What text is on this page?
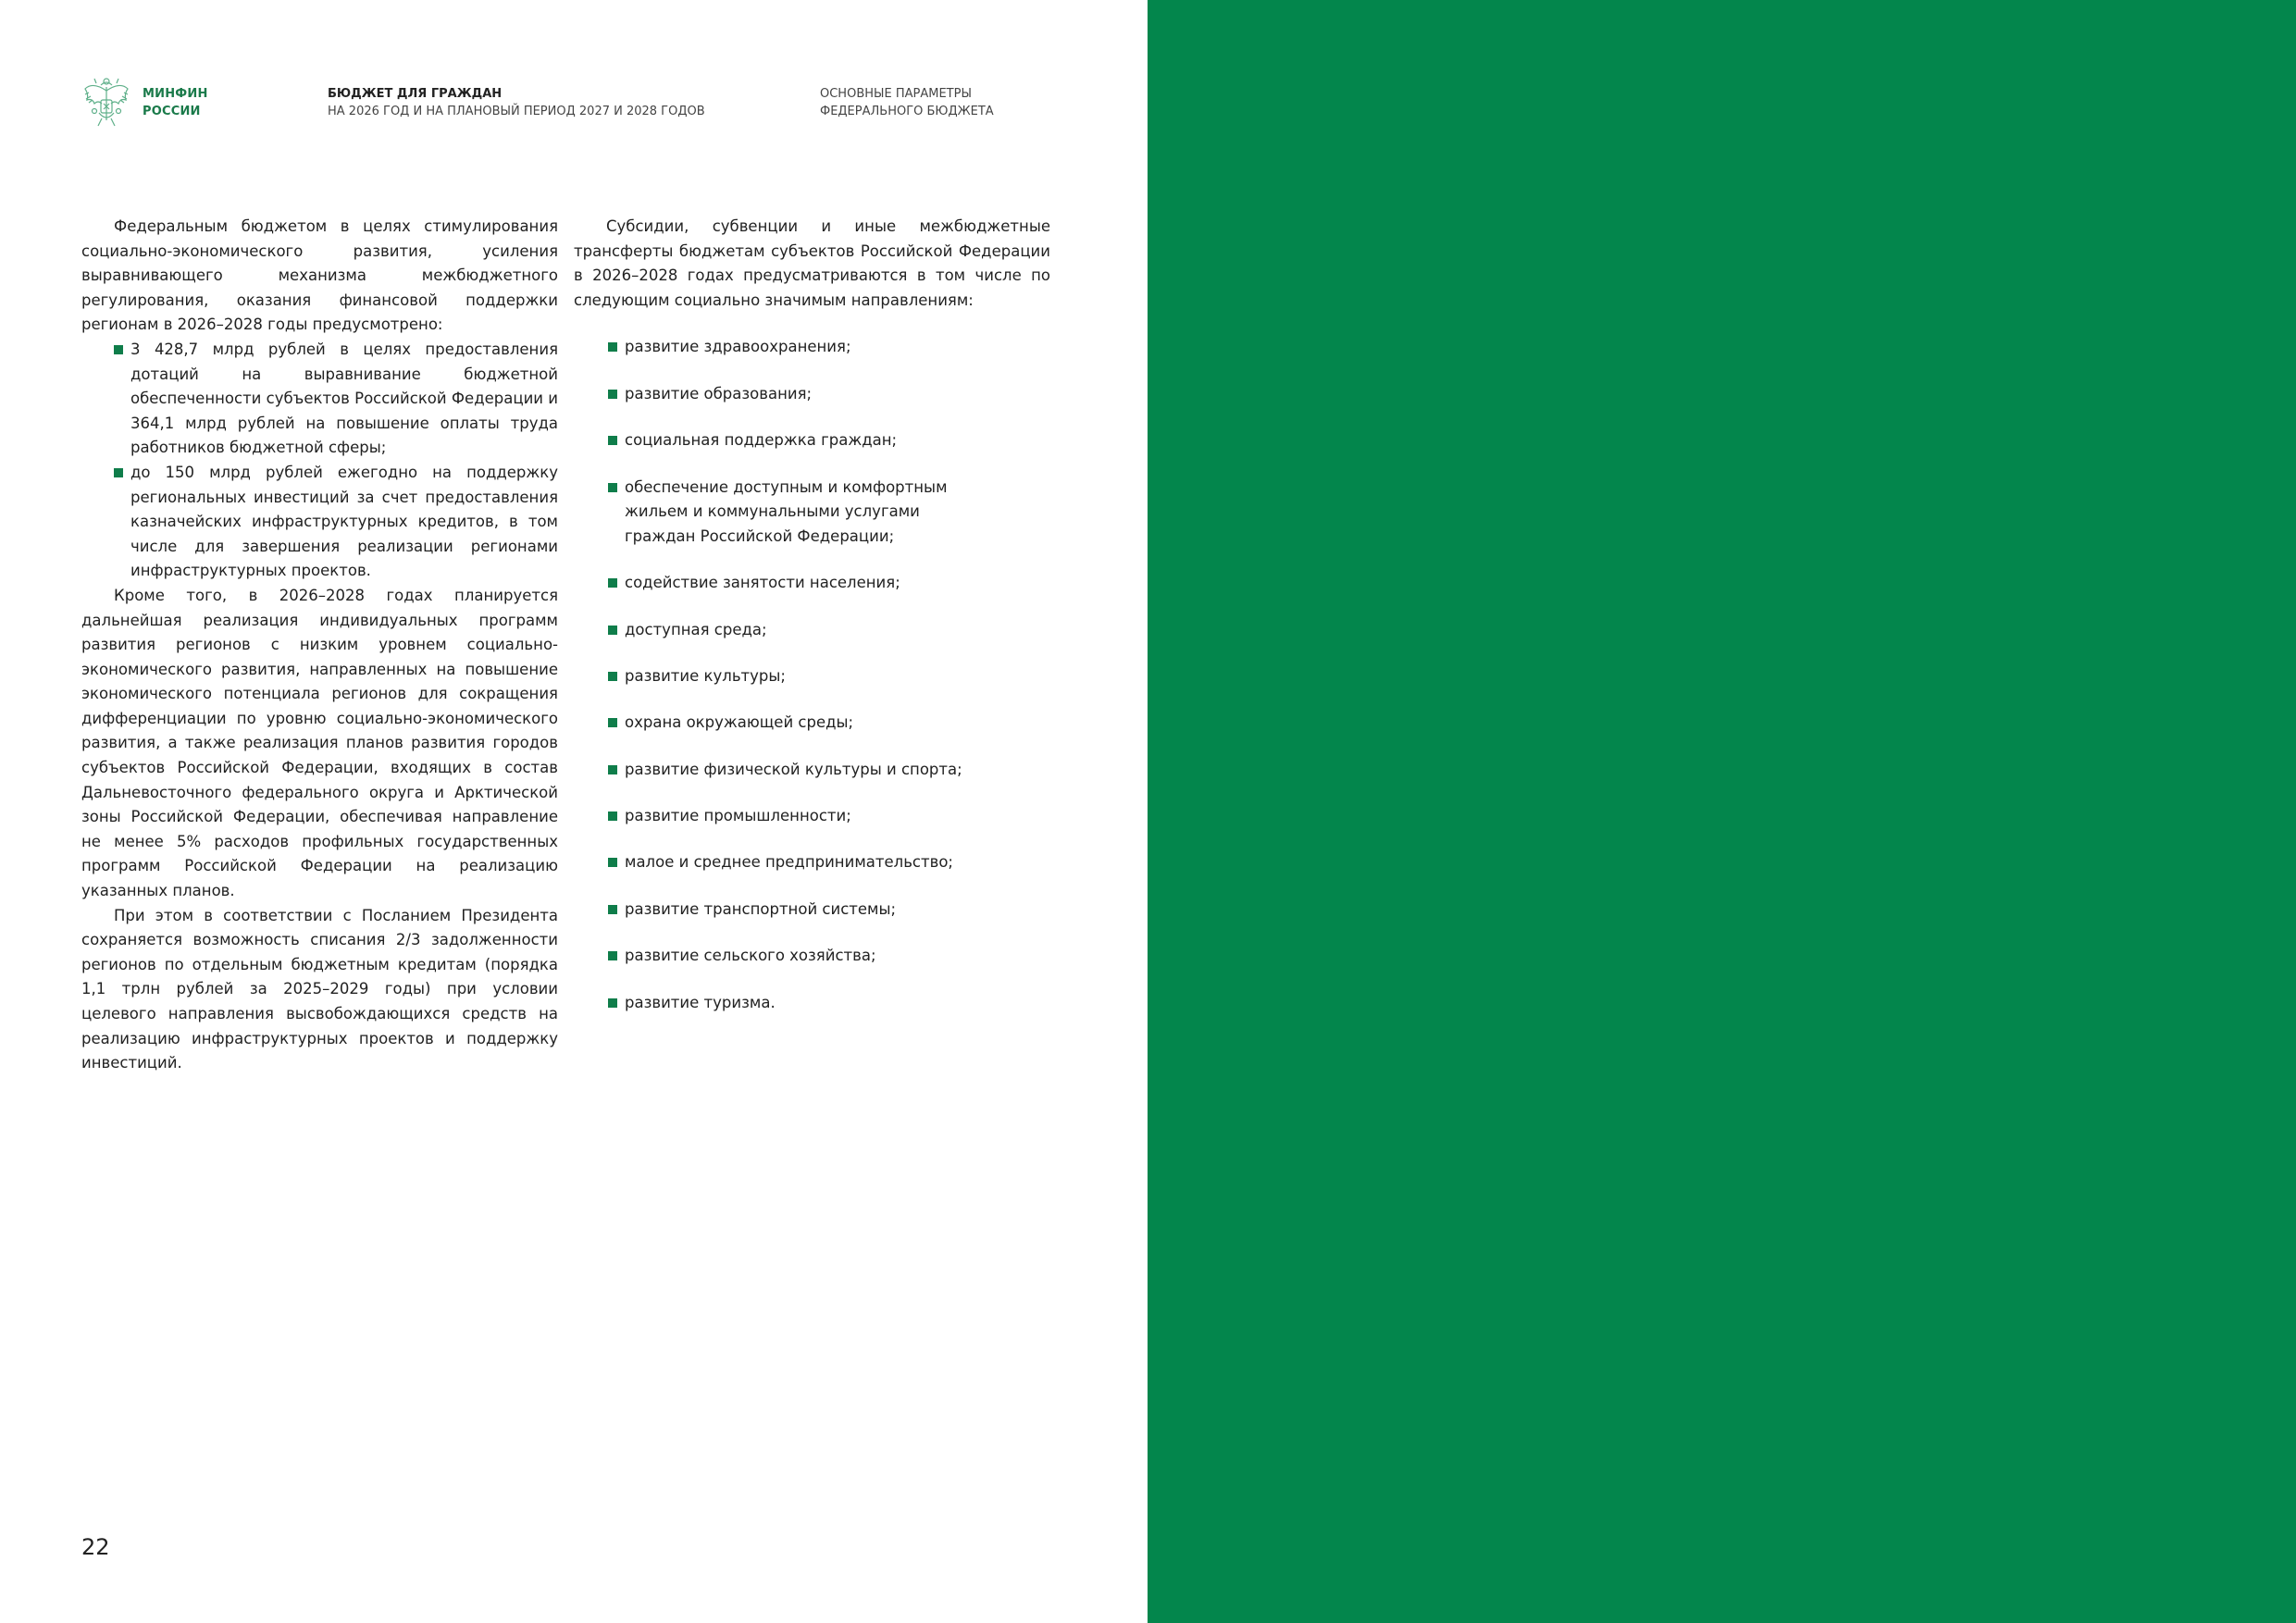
МИНФИН
РОССИИ
БЮДЖЕТ ДЛЯ ГРАЖДАН
НА 2026 ГОД И НА ПЛАНОВЫЙ ПЕРИОД 2027 И 2028 ГОДОВ
ОСНОВНЫЕ ПАРАМЕТРЫ
ФЕДЕРАЛЬНОГО БЮДЖЕТА

Федеральным бюджетом в целях стимулирования социально-экономического развития, усиления выравнивающего механизма межбюджетного регулирования, оказания финансовой поддержки регионам в 2026–2028 годы предусмотрено:

3 428,7 млрд рублей в целях предоставления дотаций на выравнивание бюджетной обеспеченности субъектов Российской Федерации и 364,1 млрд рублей на повышение оплаты труда работников бюджетной сферы;
до 150 млрд рублей ежегодно на поддержку региональных инвестиций за счет предоставления казначейских инфраструктурных кредитов, в том числе для завершения реализации регионами инфраструктурных проектов.

Кроме того, в 2026–2028 годах планируется дальнейшая реализация индивидуальных программ развития регионов с низким уровнем социально-экономического развития, направленных на повышение экономического потенциала регионов для сокращения дифференциации по уровню социально-экономического развития, а также реализация планов развития городов субъектов Российской Федерации, входящих в состав Дальневосточного федерального округа и Арктической зоны Российской Федерации, обеспечивая направление не менее 5% расходов профильных государственных программ Российской Федерации на реализацию указанных планов.

При этом в соответствии с Посланием Президента сохраняется возможность списания 2/3 задолженности регионов по отдельным бюджетным кредитам (порядка 1,1 трлн рублей за 2025–2029 годы) при условии целевого направления высвобождающихся средств на реализацию инфраструктурных проектов и поддержку инвестиций.

Субсидии, субвенции и иные межбюджетные трансферты бюджетам субъектов Российской Федерации в 2026–2028 годах предусматриваются в том числе по следующим социально значимым направлениям:

развитие здравоохранения;
развитие образования;
социальная поддержка граждан;
обеспечение доступным и комфортным жильем и коммунальными услугами граждан Российской Федерации;
содействие занятости населения;
доступная среда;
развитие культуры;
охрана окружающей среды;
развитие физической культуры и спорта;
развитие промышленности;
малое и среднее предпринимательство;
развитие транспортной системы;
развитие сельского хозяйства;
развитие туризма.
22
